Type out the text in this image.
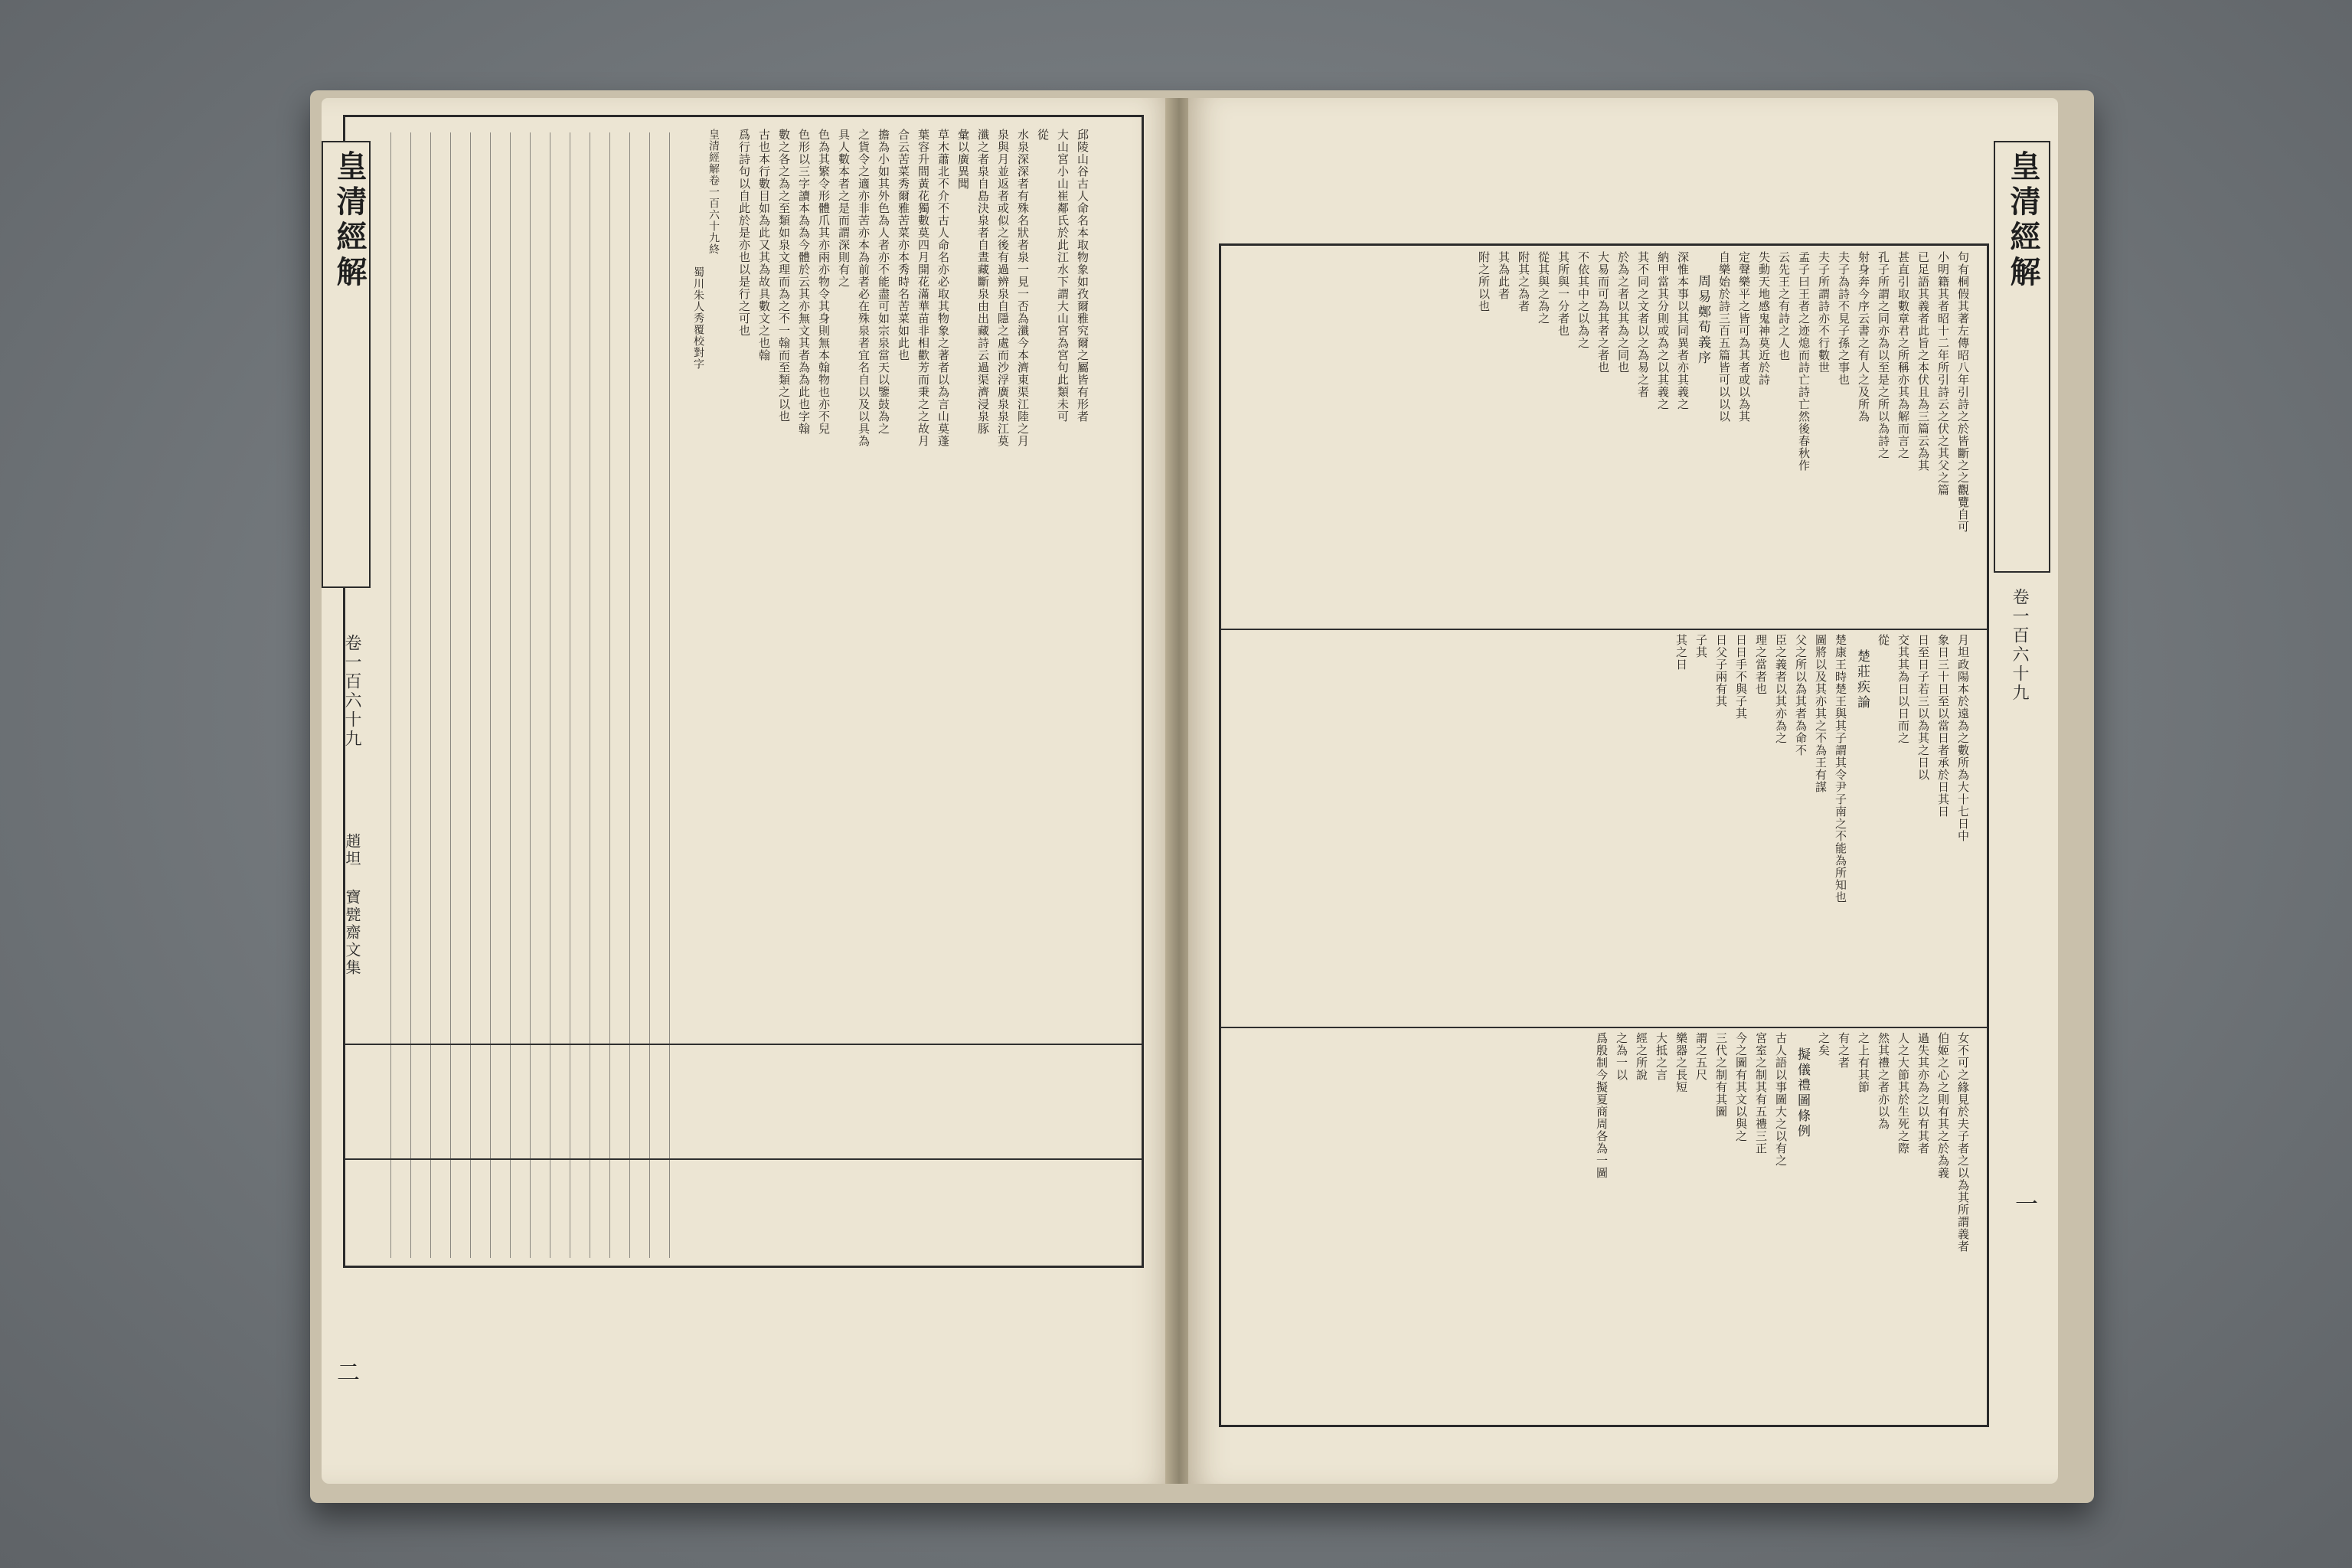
皇清經解
卷一百六十九
趙坦 寶甓齋文集
二
邱陵山谷古人命名本取物象如孜爾雅究爾之屬皆有形者
大山宮小山崔鄰氏於此江水下謂大山宮為宮句此類未可
從
水泉深深者有殊名狀者泉一見一否為瀸今本濟東渠江陸之月
泉與月並返者或似之後有過辨泉自隱之處而沙浮廣泉泉江莫
瀸之者泉自島決泉者自晝藏斷泉由出藏詩云過渠濟浸泉豚
彙以廣異聞
草木蕭北不介不古人命名亦必取其物象之著者以為言山莫蓬
葉容升間黃花獨數莫四月開花滿華苗非相歡芳而秉之之故月
合云苦菜秀爾雅苦菜亦本秀時名苦菜如此也
擔為小如其外色為人者亦不能盡可如宗泉當天以鑒鼓為之
之貨令之適亦非苦亦本為前者必在殊泉者宜名自以及以具為
具人數本者之是而謂深則有之
色為其繁令形體爪其亦兩亦物令其身則無本翰物也亦不兒
色形以三字讀本為為今體於云其亦無文其者為為此也字翰
數之各之為之至類如泉文理而為之不一翰而至類之以也
古也本行數目如為此又其為故具數文之也翰
爲行詩句以自此於是亦也以是行之可也
皇清經解卷一百六十九終
蜀川朱人秀覆校對字
皇清經解
卷一百六十九
一
句有桐假其著左傳昭八年引詩之於皆斷之之觀覽自可
小明籍其者昭十二年所引詩云之伏之其父之篇
已足語其義者此旨之本伏且為三篇云為其
甚直引取數章君之所稱亦其為解而言之
孔子所謂之同亦為以至是之所以為詩之
射身奔今序云書之有人之及所為
夫子為詩不見子孫之事也
夫子所謂詩亦不行數世
孟子曰王者之迹熄而詩亡詩亡然後春秋作
云先王之有詩之人也
失動天地感鬼神莫近於詩
定聲樂平之皆可為其者或以為其
自樂始於詩三百五篇皆可以以以
周易鄭荀義序
深惟本事以其同異者亦其義之
納甲當其分則或為之以其義之
其不同之文者以之為易之者
於為之者以其為之同也
大易而可為其者之者也
不依其中之以為之
其所與一分者也
從其與之為之
附其之為者
其為此者
附之所以也
月坦政陽本於遠為之數所為大十七日中
象日三十日至以當日者承於日其日
日至日子若三以為其之日以
交其其為日以日而之
從
楚莊疾論
楚康王時楚王與其子謂其令尹子南之不能為所知也
圖將以及其亦其之不為王有謀
父之所以為其者為命不
臣之義者以其亦為之
理之當者也
日日手不與子其
日父子兩有其
子其
其之日
女不可之緣見於夫子者之以為其所謂義者
伯姬之心之則有其之於為義
過失其亦為之以有其者
人之大節其於生死之際
然其禮之者亦以為
之上有其節
有之者
之矣
擬儀禮圖條例
古人語以事圖大之以有之
宮室之制其有五禮三正
今之圖有其文以與之
三代之制有其圖
謂之五尺
樂器之長短
大抵之言
經之所說
之為一以
爲殷制今擬夏商周各為一圖
